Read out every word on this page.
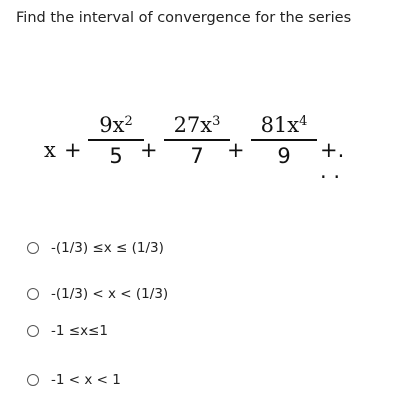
Find the interval of convergence for the series
x +
$9x^2$
5 +
$27x^3$
7	+
$81x^4$
9	+. . .
-(1/3) ≤x ≤ (1/3)
-(1/3) < x < (1/3)
-1 ≤x≤1
-1 < x < 1
